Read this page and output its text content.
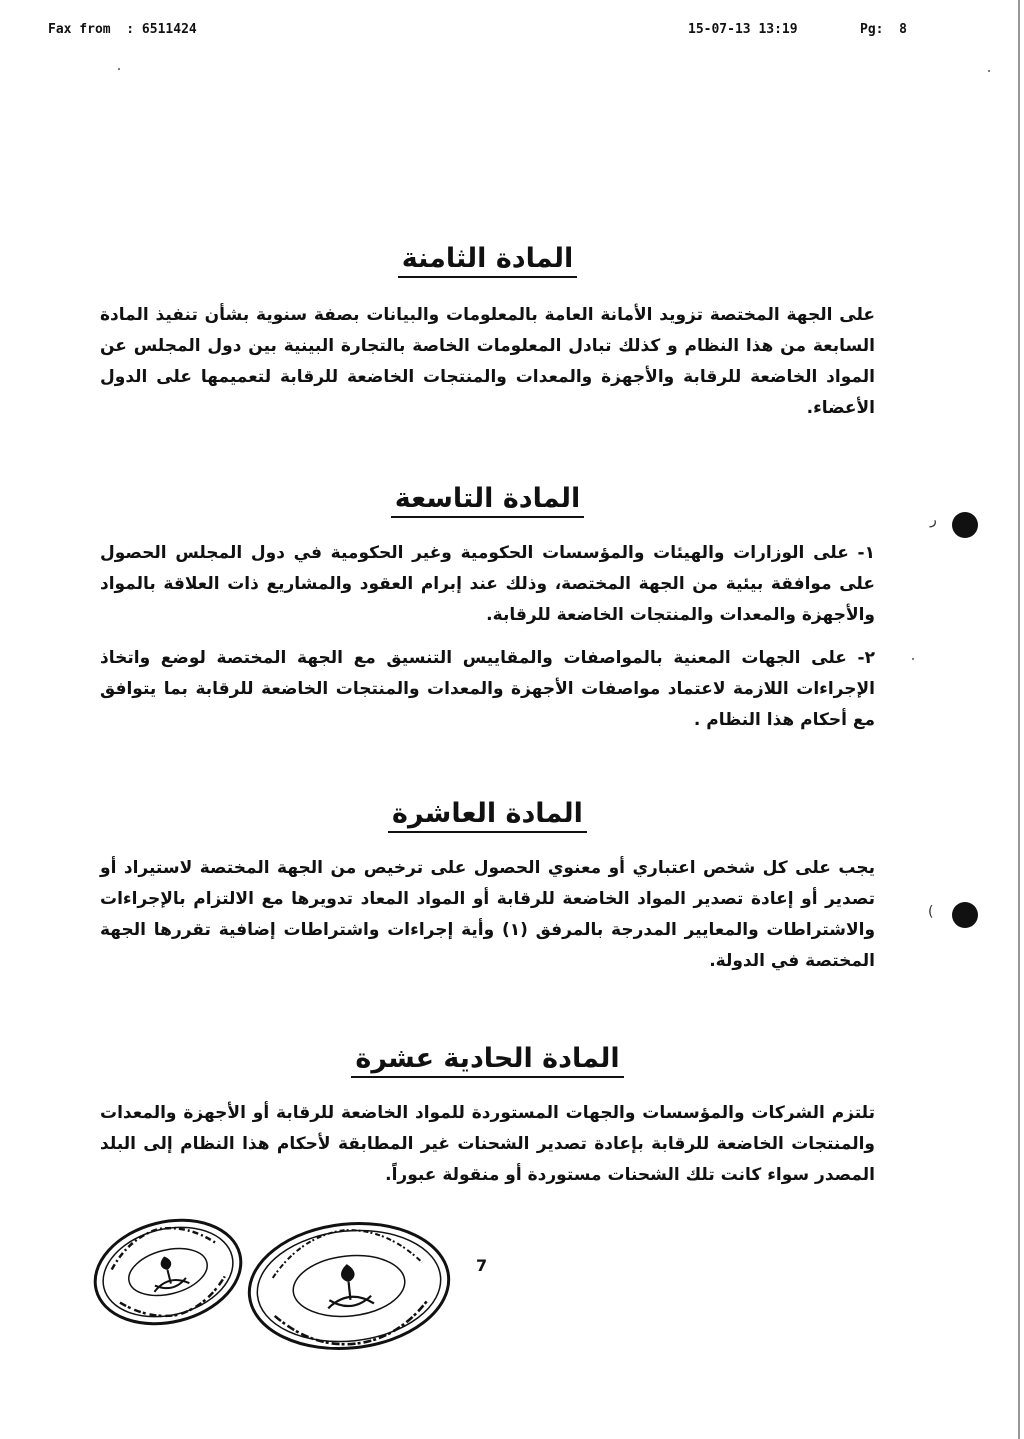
Fax from : 6511424	15-07-13 13:19	Pg: 8
المادة الثامنة

على الجهة المختصة تزويد الأمانة العامة بالمعلومات والبيانات بصفة سنوية بشأن تنفيذ المادة السابعة من هذا النظام و كذلك تبادل المعلومات الخاصة بالتجارة البينية بين دول المجلس عن المواد الخاضعة للرقابة والأجهزة والمعدات والمنتجات الخاضعة للرقابة لتعميمها على الدول الأعضاء.

المادة التاسعة

١- على الوزارات والهيئات والمؤسسات الحكومية وغير الحكومية في دول المجلس الحصول على موافقة بيئية من الجهة المختصة، وذلك عند إبرام العقود والمشاريع ذات العلاقة بالمواد والأجهزة والمعدات والمنتجات الخاضعة للرقابة.

٢- على الجهات المعنية بالمواصفات والمقاييس التنسيق مع الجهة المختصة لوضع واتخاذ الإجراءات اللازمة لاعتماد مواصفات الأجهزة والمعدات والمنتجات الخاضعة للرقابة بما يتوافق مع أحكام هذا النظام .

المادة العاشرة

يجب على كل شخص اعتباري أو معنوي الحصول على ترخيص من الجهة المختصة لاستيراد أو تصدير أو إعادة تصدير المواد الخاضعة للرقابة أو المواد المعاد تدويرها مع الالتزام بالإجراءات والاشتراطات والمعايير المدرجة بالمرفق (١) وأية إجراءات واشتراطات إضافية تقررها الجهة المختصة في الدولة.

المادة الحادية عشرة

تلتزم الشركات والمؤسسات والجهات المستوردة للمواد الخاضعة للرقابة أو الأجهزة والمعدات والمنتجات الخاضعة للرقابة بإعادة تصدير الشحنات غير المطابقة لأحكام هذا النظام إلى البلد المصدر سواء كانت تلك الشحنات مستوردة أو منقولة عبوراً.

ر
(
7
